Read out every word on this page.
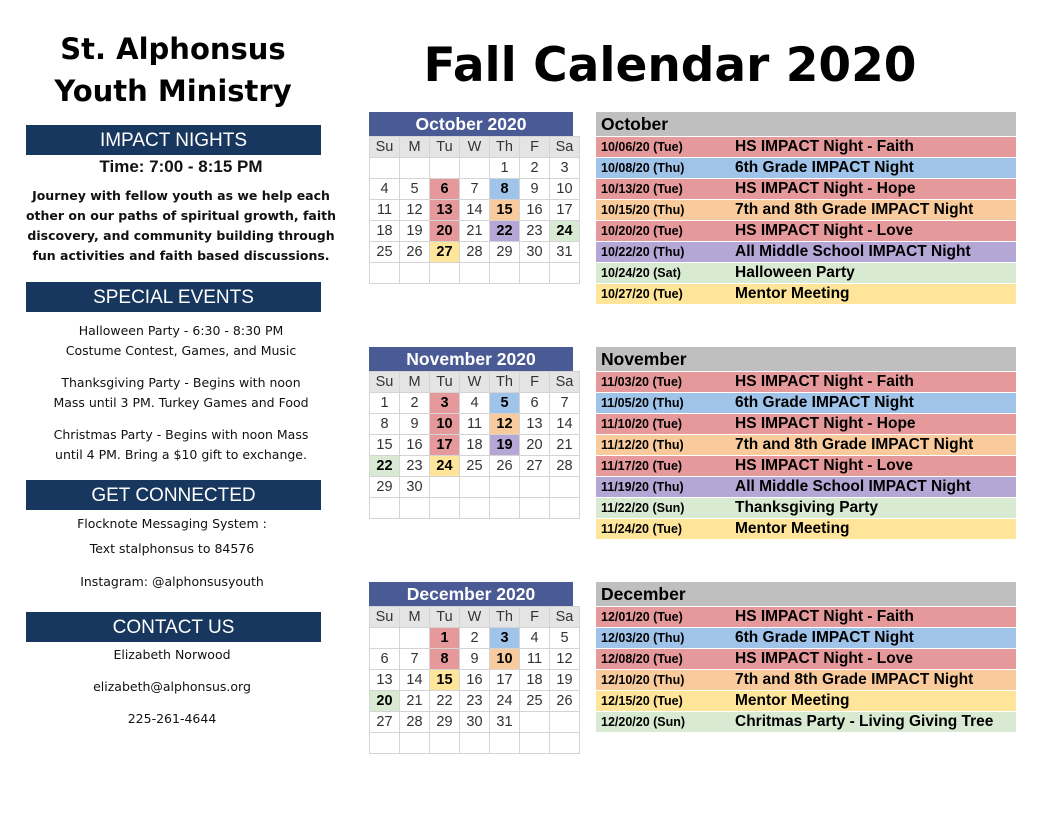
St. Alphonsus
Youth Ministry
IMPACT NIGHTS
Time: 7:00 - 8:15 PM
Journey with fellow youth as we help each
other on our paths of spiritual growth, faith
discovery, and community building through
fun activities and faith based discussions.
SPECIAL EVENTS
Halloween Party - 6:30 - 8:30 PM
Costume Contest, Games, and Music
Thanksgiving Party - Begins with noon
Mass until 3 PM. Turkey Games and Food
Christmas Party - Begins with noon Mass
until 4 PM. Bring a $10 gift to exchange.
GET CONNECTED
Flocknote Messaging System :
Text stalphonsus to 84576
Instagram: @alphonsusyouth
CONTACT US
Elizabeth Norwood
elizabeth@alphonsus.org
225-261-4644
Fall Calendar 2020
October 2020
Su	M	Tu	W	Th	F	Sa
				1	2	3
4	5	6	7	8	9	10
11	12	13	14	15	16	17
18	19	20	21	22	23	24
25	26	27	28	29	30	31

November 2020
Su	M	Tu	W	Th	F	Sa
1	2	3	4	5	6	7
8	9	10	11	12	13	14
15	16	17	18	19	20	21
22	23	24	25	26	27	28
29	30					

December 2020
Su	M	Tu	W	Th	F	Sa
		1	2	3	4	5
6	7	8	9	10	11	12
13	14	15	16	17	18	19
20	21	22	23	24	25	26
27	28	29	30	31		

October
10/06/20 (Tue)	HS IMPACT Night - Faith
10/08/20 (Thu)	6th Grade IMPACT Night
10/13/20 (Tue)	HS IMPACT Night - Hope
10/15/20 (Thu)	7th and 8th Grade IMPACT Night
10/20/20 (Tue)	HS IMPACT Night - Love
10/22/20 (Thu)	All Middle School IMPACT Night
10/24/20 (Sat)	Halloween Party
10/27/20 (Tue)	Mentor Meeting
November
11/03/20 (Tue)	HS IMPACT Night - Faith
11/05/20 (Thu)	6th Grade IMPACT Night
11/10/20 (Tue)	HS IMPACT Night - Hope
11/12/20 (Thu)	7th and 8th Grade IMPACT Night
11/17/20 (Tue)	HS IMPACT Night - Love
11/19/20 (Thu)	All Middle School IMPACT Night
11/22/20 (Sun)	Thanksgiving Party
11/24/20 (Tue)	Mentor Meeting
December
12/01/20 (Tue)	HS IMPACT Night - Faith
12/03/20 (Thu)	6th Grade IMPACT Night
12/08/20 (Tue)	HS IMPACT Night - Love
12/10/20 (Thu)	7th and 8th Grade IMPACT Night
12/15/20 (Tue)	Mentor Meeting
12/20/20 (Sun)	Chritmas Party - Living Giving Tree
